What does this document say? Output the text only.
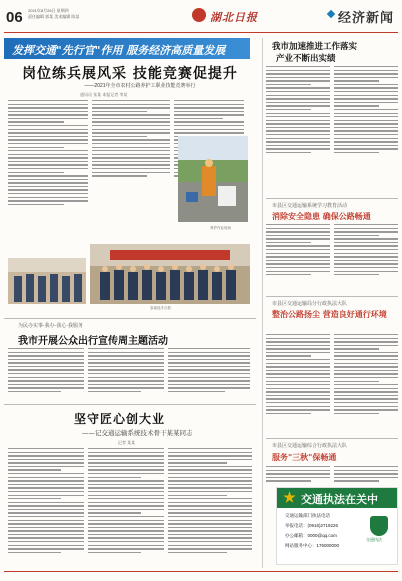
06 2021年8月26日 星期四
责任编辑 郭某 美术编辑 陈某	湖北日报	经济新闻
发挥交通"先行官"作用 服务经济高质量发展
岗位练兵展风采 技能竞赛促提升
——2021年全市农村公路养护工职业技能竞赛举行
通讯员 张某 本报记者 李某
养护作业现场
参赛选手合影
为民办实事·我办·我心·我服务
我市开展公众出行宣传周主题活动
坚守匠心创大业
——记交通运输系统技术骨干某某同志
记者 某某
我市加速推进工作落实
产业不断出实绩
市县区交通运输系统学习教育活动
消除安全隐患 确保公路畅通
市县区交通运输局分行政执法大队
整治公路扬尘 营造良好通行环境
市县区交通运输综合行政执法大队
服务"三秋"保畅通
交通执法在关中
交通运输部门执法电话
举报电话：(0916)2719226
办公邮箱：0000@qq.com
网站服务中心：176000000
交通执法
